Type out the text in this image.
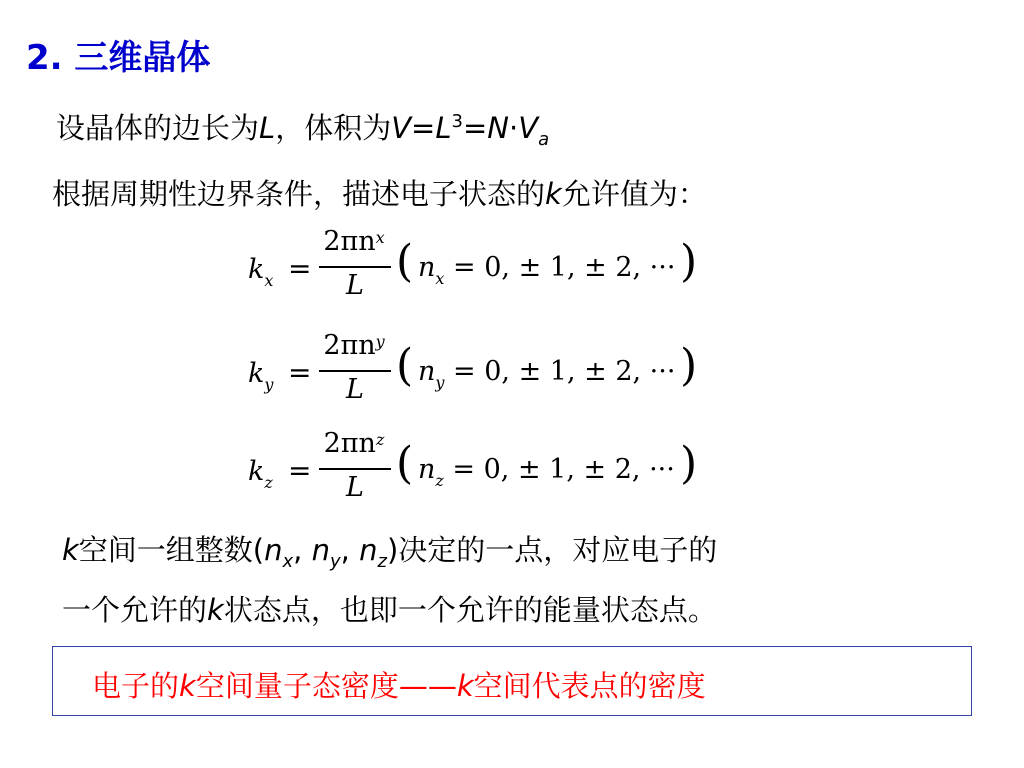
2. 三维晶体
设晶体的边长为L，体积为$V=L^3=N\cdot V_a$
根据周期性边界条件，描述电子状态的k允许值为：
$k_x$ =
$2\pi n^x$
L ( $n_x = 0$, ± 1, ± 2, ··· )
$k_y$ =
$2\pi n^y$
L ( $n_y = 0$, ± 1, ± 2, ··· )
$k_z$ =
$2\pi n^z$
L ( $n_z = 0$, ± 1, ± 2, ··· )
k空间一组整数($n_x$, $n_y$, $n_z$)决定的一点，对应电子的
一个允许的k状态点，也即一个允许的能量状态点。
电子的k空间量子态密度——k空间代表点的密度
